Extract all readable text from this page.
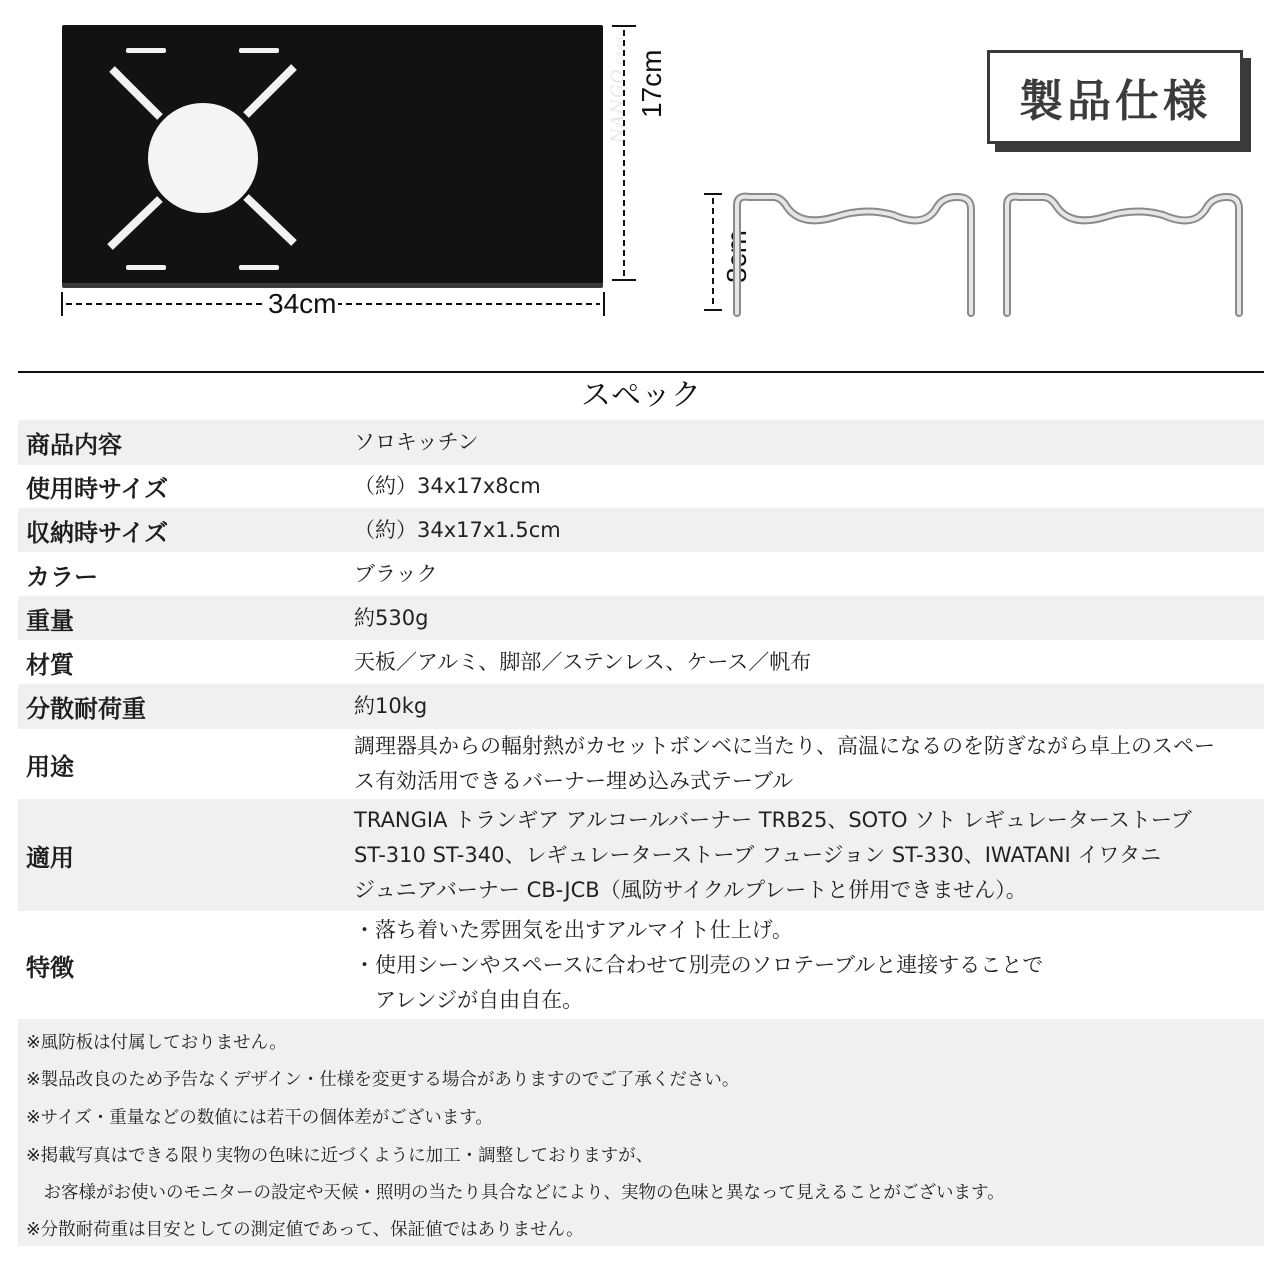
NANGOGEAR
34cm
17cm
8cm
製品仕様
スペック
商品内容	ソロキッチン

使用時サイズ	（約）34x17x8cm

収納時サイズ	（約）34x17x1.5cm

カラー	ブラック

重量	約530g

材質	天板／アルミ、脚部／ステンレス、ケース／帆布

分散耐荷重	約10kg

用途	調理器具からの輻射熱がカセットボンベに当たり、高温になるのを防ぎながら卓上のスペー
ス有効活用できるバーナー埋め込み式テーブル

適用	TRANGIA トランギア アルコールバーナー TRB25、SOTO ソト レギュレーターストーブ
ST-310 ST-340、レギュレーターストーブ フュージョン ST-330、IWATANI イワタニ
ジュニアバーナー CB-JCB（風防サイクルプレートと併用できません）。

特徴	・落ち着いた雰囲気を出すアルマイト仕上げ。
・使用シーンやスペースに合わせて別売のソロテーブルと連接することで
　アレンジが自由自在。
※風防板は付属しておりません。
※製品改良のため予告なくデザイン・仕様を変更する場合がありますのでご了承ください。
※サイズ・重量などの数値には若干の個体差がございます。
※掲載写真はできる限り実物の色味に近づくように加工・調整しておりますが、
　お客様がお使いのモニターの設定や天候・照明の当たり具合などにより、実物の色味と異なって見えることがございます。
※分散耐荷重は目安としての測定値であって、保証値ではありません。
